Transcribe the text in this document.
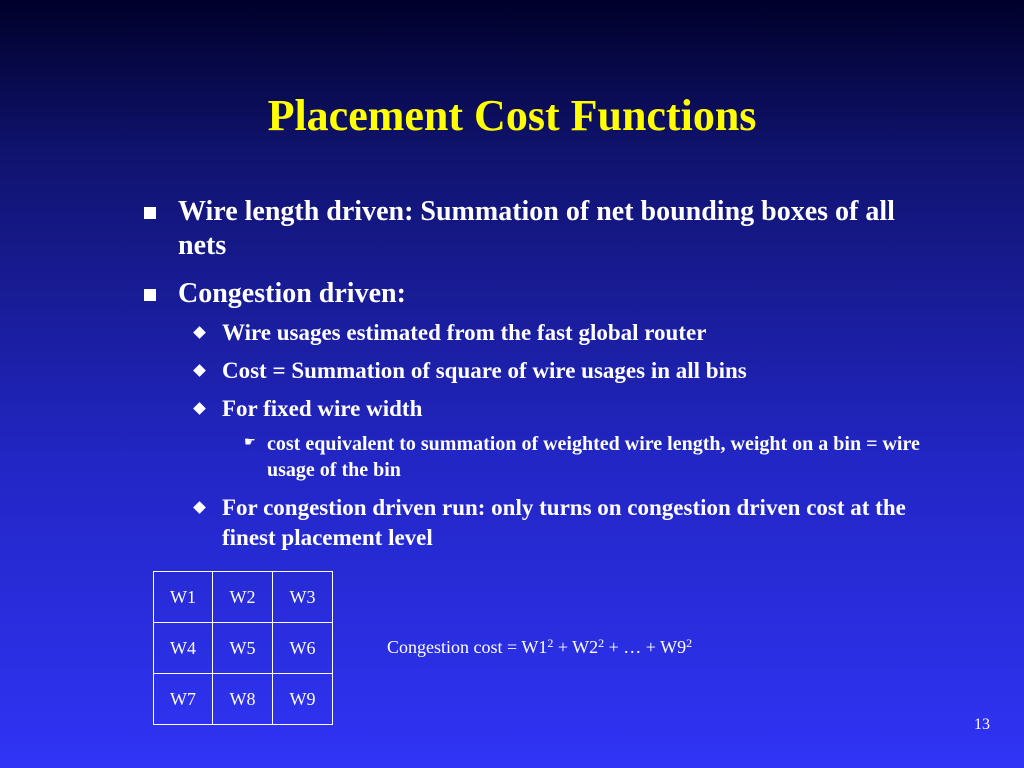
Placement Cost Functions
Wire length driven: Summation of net bounding boxes of all nets
Congestion driven:
Wire usages estimated from the fast global router
Cost = Summation of square of wire usages in all bins
For fixed wire width
☛ cost equivalent to summation of weighted wire length, weight on a bin = wire usage of the bin
For congestion driven run: only turns on congestion driven cost at the finest placement level
W1	W2	W3
W4	W5	W6
W7	W8	W9
Congestion $\cos t = W1^2 + W2^2$ + … + $W9^2$
13
